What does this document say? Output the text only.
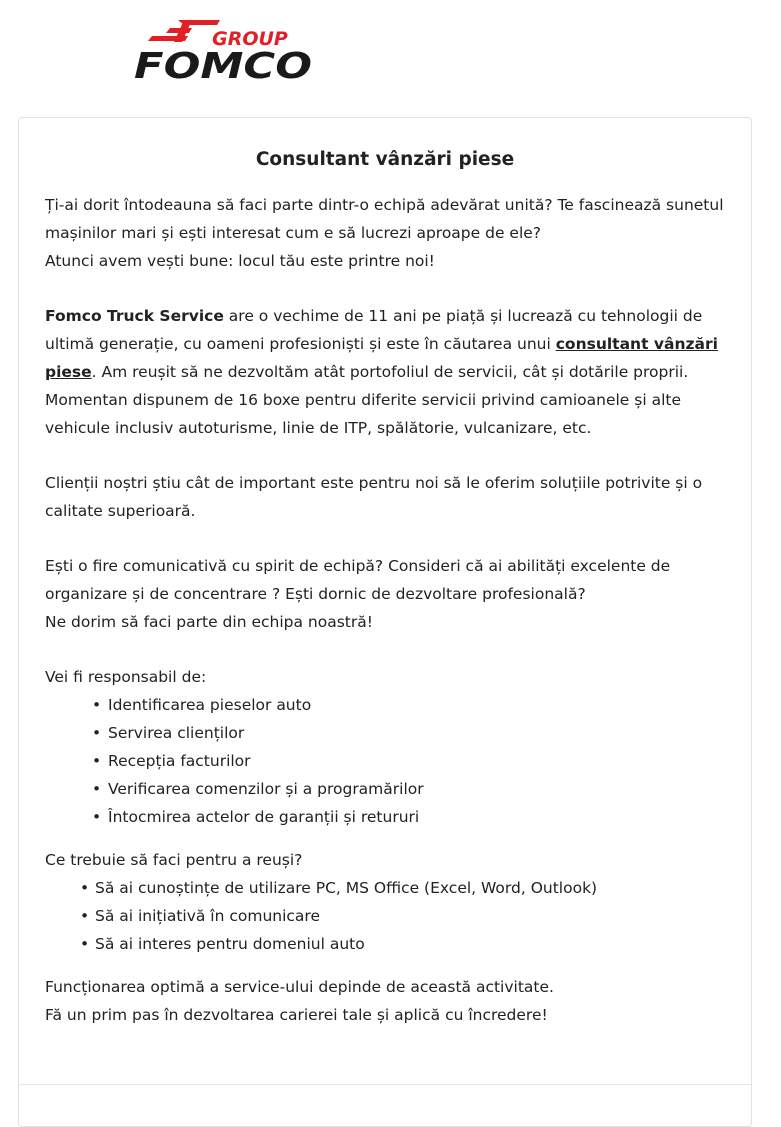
GROUP
FOMCO
Consultant vânzări piese

Ți-ai dorit întodeauna să faci parte dintr-o echipă adevărat unită? Te fascinează sunetul mașinilor mari și ești interesat cum e să lucrezi aproape de ele?
Atunci avem vești bune: locul tău este printre noi!

Fomco Truck Service are o vechime de 11 ani pe piață și lucrează cu tehnologii de ultimă generație, cu oameni profesioniști și este în căutarea unui consultant vânzări piese. Am reușit să ne dezvoltăm atât portofoliul de servicii, cât și dotările proprii. Momentan dispunem de 16 boxe pentru diferite servicii privind camioanele și alte vehicule inclusiv autoturisme, linie de ITP, spălătorie, vulcanizare, etc.

Clienții noștri știu cât de important este pentru noi să le oferim soluțiile potrivite și o calitate superioară.

Ești o fire comunicativă cu spirit de echipă? Consideri că ai abilități excelente de organizare și de concentrare ? Ești dornic de dezvoltare profesională?
Ne dorim să faci parte din echipa noastră!

Vei fi responsabil de:
• Identificarea pieselor auto
• Servirea clienților
• Recepția facturilor
• Verificarea comenzilor și a programărilor
• Întocmirea actelor de garanții și retururi
Ce trebuie să faci pentru a reuși?
• Să ai cunoștințe de utilizare PC, MS Office (Excel, Word, Outlook)
• Să ai inițiativă în comunicare
• Să ai interes pentru domeniul auto

Funcționarea optimă a service-ului depinde de această activitate.
Fă un prim pas în dezvoltarea carierei tale și aplică cu încredere!
